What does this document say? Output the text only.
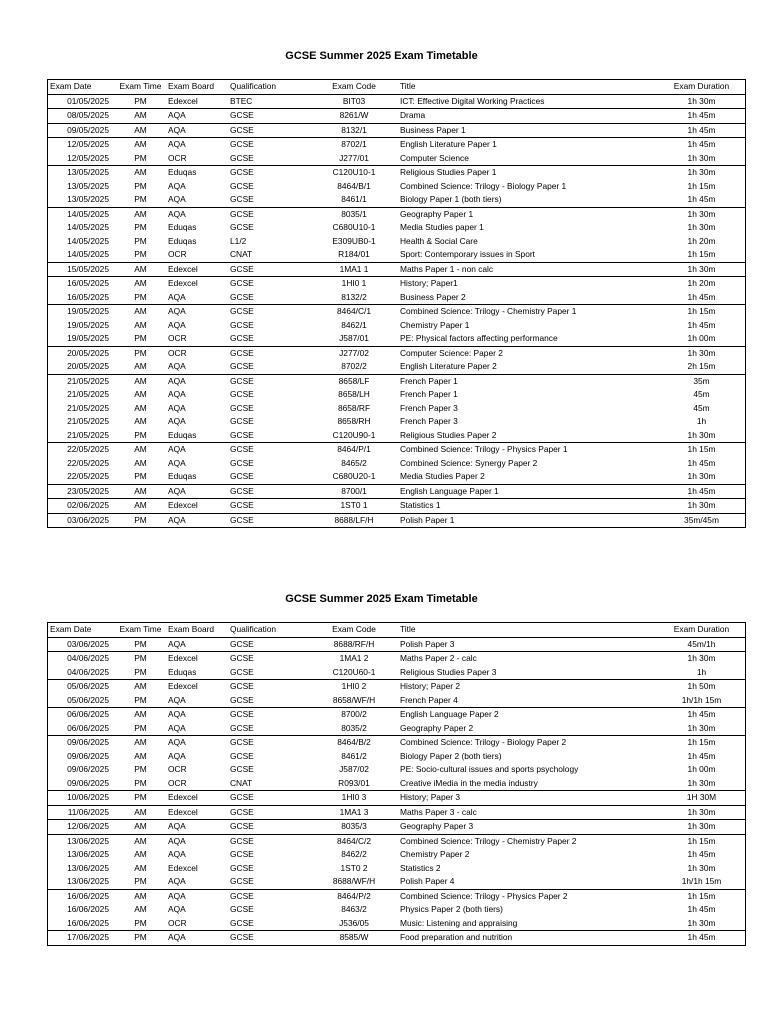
GCSE Summer 2025 Exam Timetable
Exam Date	Exam Time	Exam Board	Qualification	Exam Code	Title	Exam Duration
01/05/2025	PM	Edexcel	BTEC	BIT03	ICT: Effective Digital Working Practices	1h 30m
08/05/2025	AM	AQA	GCSE	8261/W	Drama	1h 45m
09/05/2025	AM	AQA	GCSE	8132/1	Business Paper 1	1h 45m
12/05/2025	AM	AQA	GCSE	8702/1	English Literature Paper 1	1h 45m
12/05/2025	PM	OCR	GCSE	J277/01	Computer Science	1h 30m
13/05/2025	AM	Eduqas	GCSE	C120U10-1	Religious Studies Paper 1	1h 30m
13/05/2025	PM	AQA	GCSE	8464/B/1	Combined Science: Trilogy - Biology Paper 1	1h 15m
13/05/2025	PM	AQA	GCSE	8461/1	Biology Paper 1 (both tiers)	1h 45m
14/05/2025	AM	AQA	GCSE	8035/1	Geography Paper 1	1h 30m
14/05/2025	PM	Eduqas	GCSE	C680U10-1	Media Studies paper 1	1h 30m
14/05/2025	PM	Eduqas	L1/2	E309UB0-1	Health & Social Care	1h 20m
14/05/2025	PM	OCR	CNAT	R184/01	Sport: Contemporary issues in Sport	1h 15m
15/05/2025	AM	Edexcel	GCSE	1MA1 1	Maths Paper 1 - non calc	1h 30m
16/05/2025	AM	Edexcel	GCSE	1HI0 1	History; Paper1	1h 20m
16/05/2025	PM	AQA	GCSE	8132/2	Business Paper 2	1h 45m
19/05/2025	AM	AQA	GCSE	8464/C/1	Combined Science: Trilogy - Chemistry Paper 1	1h 15m
19/05/2025	AM	AQA	GCSE	8462/1	Chemistry Paper 1	1h 45m
19/05/2025	PM	OCR	GCSE	J587/01	PE: Physical factors affecting performance	1h 00m
20/05/2025	PM	OCR	GCSE	J277/02	Computer Science: Paper 2	1h 30m
20/05/2025	AM	AQA	GCSE	8702/2	English Literature Paper 2	2h 15m
21/05/2025	AM	AQA	GCSE	8658/LF	French Paper 1	35m
21/05/2025	AM	AQA	GCSE	8658/LH	French Paper 1	45m
21/05/2025	AM	AQA	GCSE	8658/RF	French Paper 3	45m
21/05/2025	AM	AQA	GCSE	8658/RH	French Paper 3	1h
21/05/2025	PM	Eduqas	GCSE	C120U90-1	Religious Studies Paper 2	1h 30m
22/05/2025	AM	AQA	GCSE	8464/P/1	Combined Science: Trilogy - Physics Paper 1	1h 15m
22/05/2025	AM	AQA	GCSE	8465/2	Combined Science: Synergy Paper 2	1h 45m
22/05/2025	PM	Eduqas	GCSE	C680U20-1	Media Studies Paper 2	1h 30m
23/05/2025	AM	AQA	GCSE	8700/1	English Language Paper 1	1h 45m
02/06/2025	AM	Edexcel	GCSE	1ST0 1	Statistics 1	1h 30m
03/06/2025	PM	AQA	GCSE	8688/LF/H	Polish Paper 1	35m/45m
GCSE Summer 2025 Exam Timetable
Exam Date	Exam Time	Exam Board	Qualification	Exam Code	Title	Exam Duration
03/06/2025	PM	AQA	GCSE	8688/RF/H	Polish Paper 3	45m/1h
04/06/2025	PM	Edexcel	GCSE	1MA1 2	Maths Paper 2 - calc	1h 30m
04/06/2025	PM	Eduqas	GCSE	C120U60-1	Religious Studies Paper 3	1h
05/06/2025	AM	Edexcel	GCSE	1HI0 2	History; Paper 2	1h 50m
05/06/2025	PM	AQA	GCSE	8658/WF/H	French Paper 4	1h/1h 15m
06/06/2025	AM	AQA	GCSE	8700/2	English Language Paper 2	1h 45m
06/06/2025	PM	AQA	GCSE	8035/2	Geography Paper 2	1h 30m
09/06/2025	AM	AQA	GCSE	8464/B/2	Combined Science: Trilogy - Biology Paper 2	1h 15m
09/06/2025	AM	AQA	GCSE	8461/2	Biology Paper 2 (both tiers)	1h 45m
09/06/2025	PM	OCR	GCSE	J587/02	PE: Socio-cultural issues and sports psychology	1h 00m
09/06/2025	PM	OCR	CNAT	R093/01	Creative iMedia in the media industry	1h 30m
10/06/2025	PM	Edexcel	GCSE	1HI0 3	History; Paper 3	1H 30M
11/06/2025	AM	Edexcel	GCSE	1MA1 3	Maths Paper 3 - calc	1h 30m
12/06/2025	AM	AQA	GCSE	8035/3	Geography Paper 3	1h 30m
13/06/2025	AM	AQA	GCSE	8464/C/2	Combined Science: Trilogy - Chemistry Paper 2	1h 15m
13/06/2025	AM	AQA	GCSE	8462/2	Chemistry Paper 2	1h 45m
13/06/2025	AM	Edexcel	GCSE	1ST0 2	Statistics 2	1h 30m
13/06/2025	PM	AQA	GCSE	8688/WF/H	Polish Paper 4	1h/1h 15m
16/06/2025	AM	AQA	GCSE	8464/P/2	Combined Science: Trilogy - Physics Paper 2	1h 15m
16/06/2025	AM	AQA	GCSE	8463/2	Physics Paper 2 (both tiers)	1h 45m
16/06/2025	PM	OCR	GCSE	J536/05	Music: Listening and appraising	1h 30m
17/06/2025	PM	AQA	GCSE	8585/W	Food preparation and nutrition	1h 45m
